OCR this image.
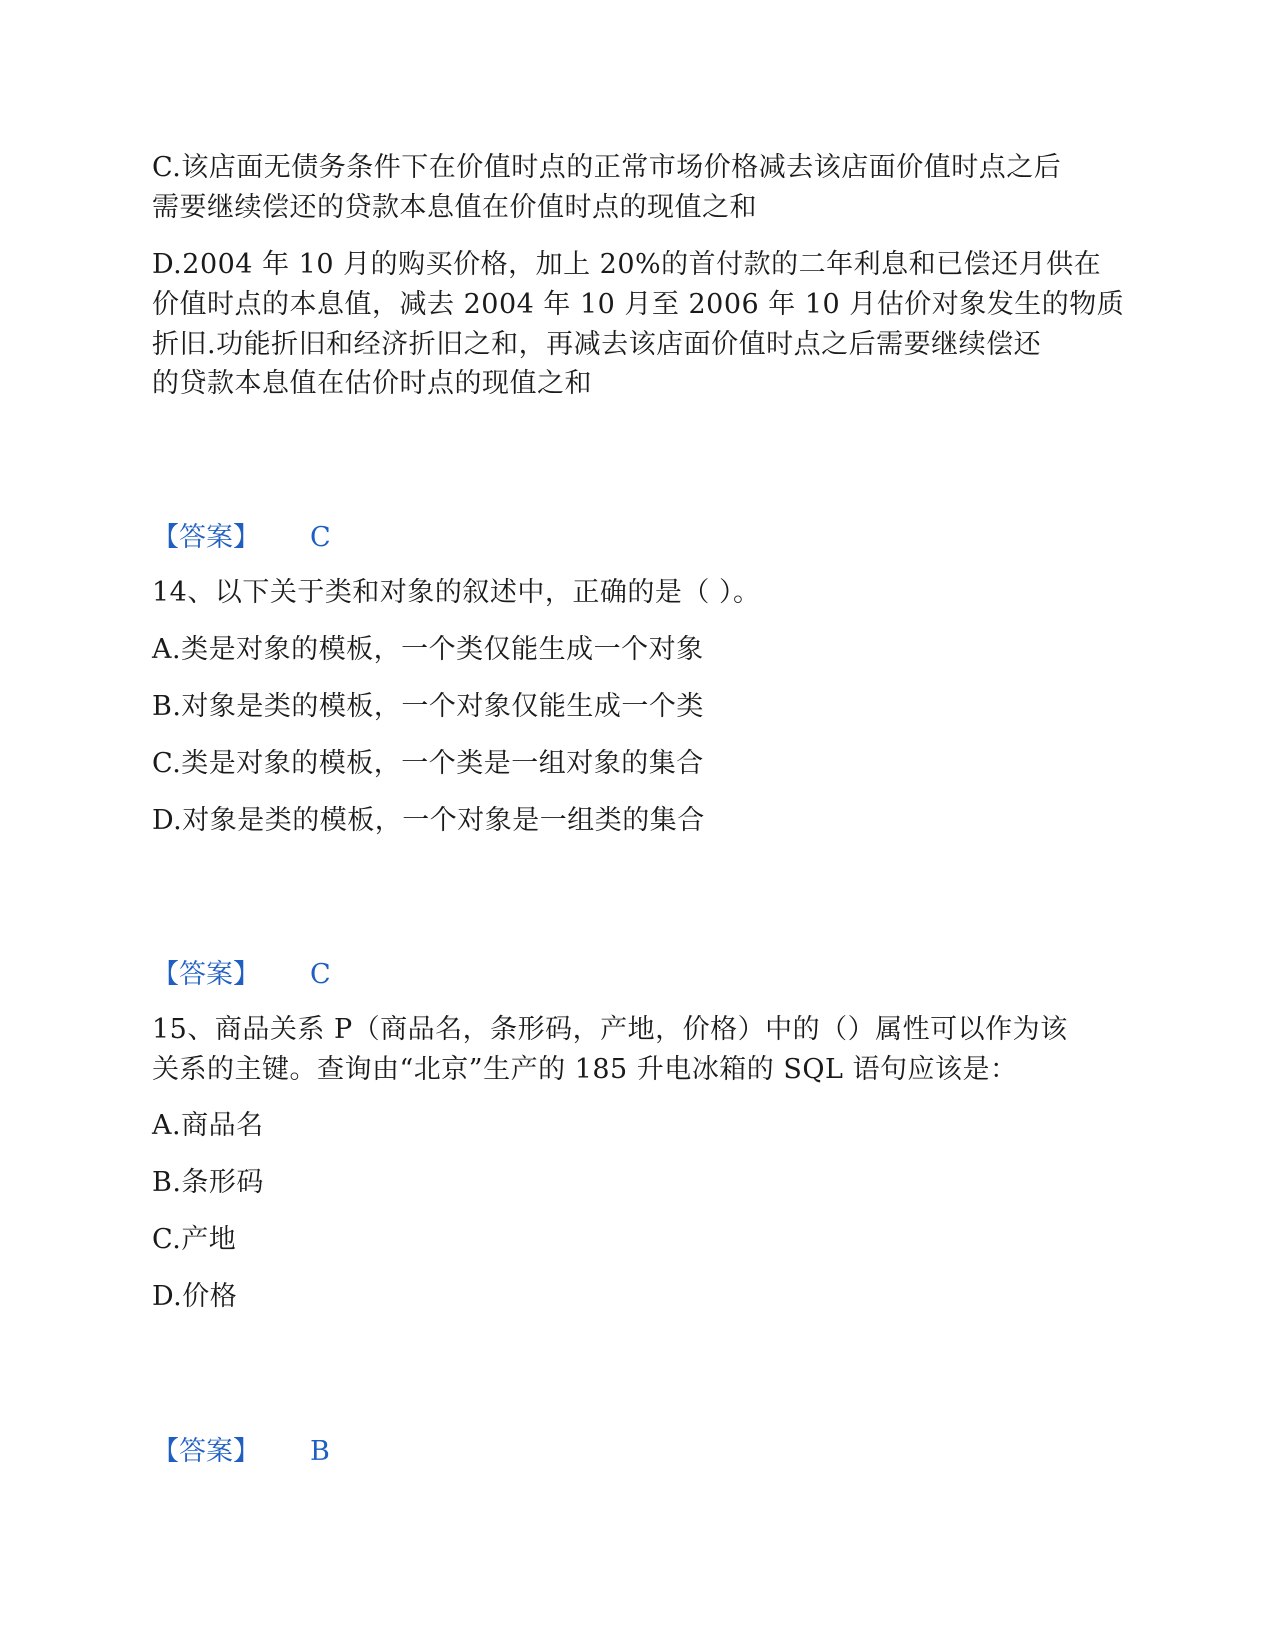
C.该店面无债务条件下在价值时点的正常市场价格减去该店面价值时点之后
需要继续偿还的贷款本息值在价值时点的现值之和
D.2004 年 10 月的购买价格，加上 20%的首付款的二年利息和已偿还月供在
价值时点的本息值，减去 2004 年 10 月至 2006 年 10 月估价对象发生的物质
折旧.功能折旧和经济折旧之和，再减去该店面价值时点之后需要继续偿还
的贷款本息值在估价时点的现值之和
【答案】 C
14、以下关于类和对象的叙述中，正确的是（ ）。
A.类是对象的模板，一个类仅能生成一个对象
B.对象是类的模板，一个对象仅能生成一个类
C.类是对象的模板，一个类是一组对象的集合
D.对象是类的模板，一个对象是一组类的集合
【答案】 C
15、商品关系 P（商品名，条形码，产地，价格）中的（）属性可以作为该
关系的主键。查询由“北京”生产的 185 升电冰箱的 SQL 语句应该是：
A.商品名
B.条形码
C.产地
D.价格
【答案】 B
